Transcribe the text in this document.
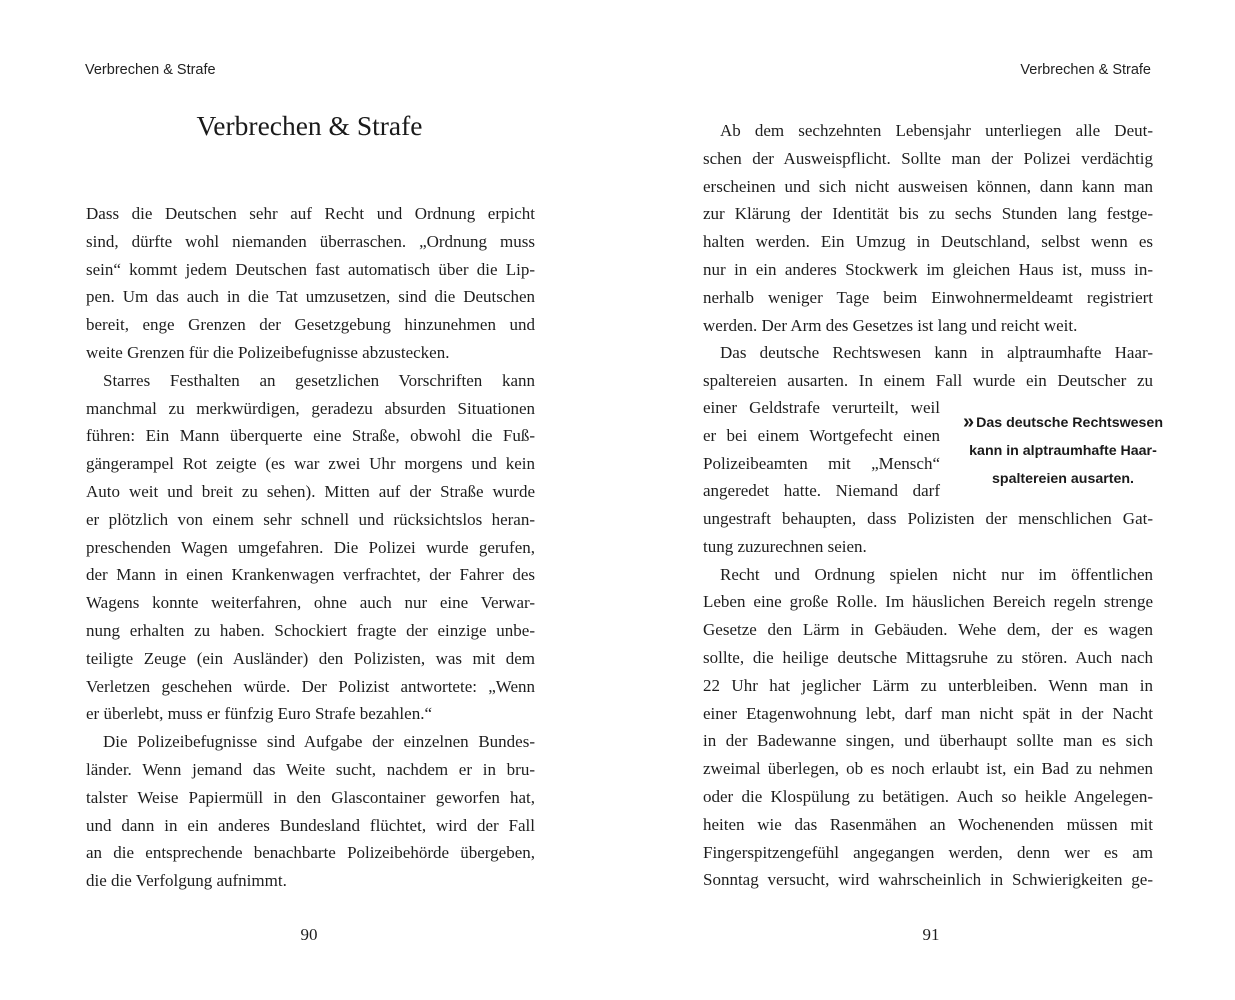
Verbrechen & Strafe
Verbrechen & Strafe
Dass die Deutschen sehr auf Recht und Ordnung erpicht
sind, dürfte wohl niemanden überraschen. „Ordnung muss
sein“ kommt jedem Deutschen fast automatisch über die Lip-
pen. Um das auch in die Tat umzusetzen, sind die Deutschen
bereit, enge Grenzen der Gesetzgebung hinzunehmen und
weite Grenzen für die Polizeibefugnisse abzustecken.
Starres Festhalten an gesetzlichen Vorschriften kann
manchmal zu merkwürdigen, geradezu absurden Situationen
führen: Ein Mann überquerte eine Straße, obwohl die Fuß-
gängerampel Rot zeigte (es war zwei Uhr morgens und kein
Auto weit und breit zu sehen). Mitten auf der Straße wurde
er plötzlich von einem sehr schnell und rücksichtslos heran-
preschenden Wagen umgefahren. Die Polizei wurde gerufen,
der Mann in einen Krankenwagen verfrachtet, der Fahrer des
Wagens konnte weiterfahren, ohne auch nur eine Verwar-
nung erhalten zu haben. Schockiert fragte der einzige unbe-
teiligte Zeuge (ein Ausländer) den Polizisten, was mit dem
Verletzen geschehen würde. Der Polizist antwortete: „Wenn
er überlebt, muss er fünfzig Euro Strafe bezahlen.“
Die Polizeibefugnisse sind Aufgabe der einzelnen Bundes-
länder. Wenn jemand das Weite sucht, nachdem er in bru-
talster Weise Papiermüll in den Glascontainer geworfen hat,
und dann in ein anderes Bundesland flüchtet, wird der Fall
an die entsprechende benachbarte Polizeibehörde übergeben,
die die Verfolgung aufnimmt.
90
Verbrechen & Strafe
Ab dem sechzehnten Lebensjahr unterliegen alle Deut-
schen der Ausweispflicht. Sollte man der Polizei verdächtig
erscheinen und sich nicht ausweisen können, dann kann man
zur Klärung der Identität bis zu sechs Stunden lang festge-
halten werden. Ein Umzug in Deutschland, selbst wenn es
nur in ein anderes Stockwerk im gleichen Haus ist, muss in-
nerhalb weniger Tage beim Einwohnermeldeamt registriert
werden. Der Arm des Gesetzes ist lang und reicht weit.
Das deutsche Rechtswesen kann in alptraumhafte Haar-
spaltereien ausarten. In einem Fall wurde ein Deutscher zu
einer Geldstrafe verurteilt, weil
er bei einem Wortgefecht einen
Polizeibeamten mit „Mensch“
angeredet hatte. Niemand darf
» Das deutsche Rechtswesen
kann in alptraumhafte Haar-
spaltereien ausarten.
ungestraft behaupten, dass Polizisten der menschlichen Gat-
tung zuzurechnen seien.
Recht und Ordnung spielen nicht nur im öffentlichen
Leben eine große Rolle. Im häuslichen Bereich regeln strenge
Gesetze den Lärm in Gebäuden. Wehe dem, der es wagen
sollte, die heilige deutsche Mittagsruhe zu stören. Auch nach
22 Uhr hat jeglicher Lärm zu unterbleiben. Wenn man in
einer Etagenwohnung lebt, darf man nicht spät in der Nacht
in der Badewanne singen, und überhaupt sollte man es sich
zweimal überlegen, ob es noch erlaubt ist, ein Bad zu nehmen
oder die Klospülung zu betätigen. Auch so heikle Angelegen-
heiten wie das Rasenmähen an Wochenenden müssen mit
Fingerspitzengefühl angegangen werden, denn wer es am
Sonntag versucht, wird wahrscheinlich in Schwierigkeiten ge-
91
